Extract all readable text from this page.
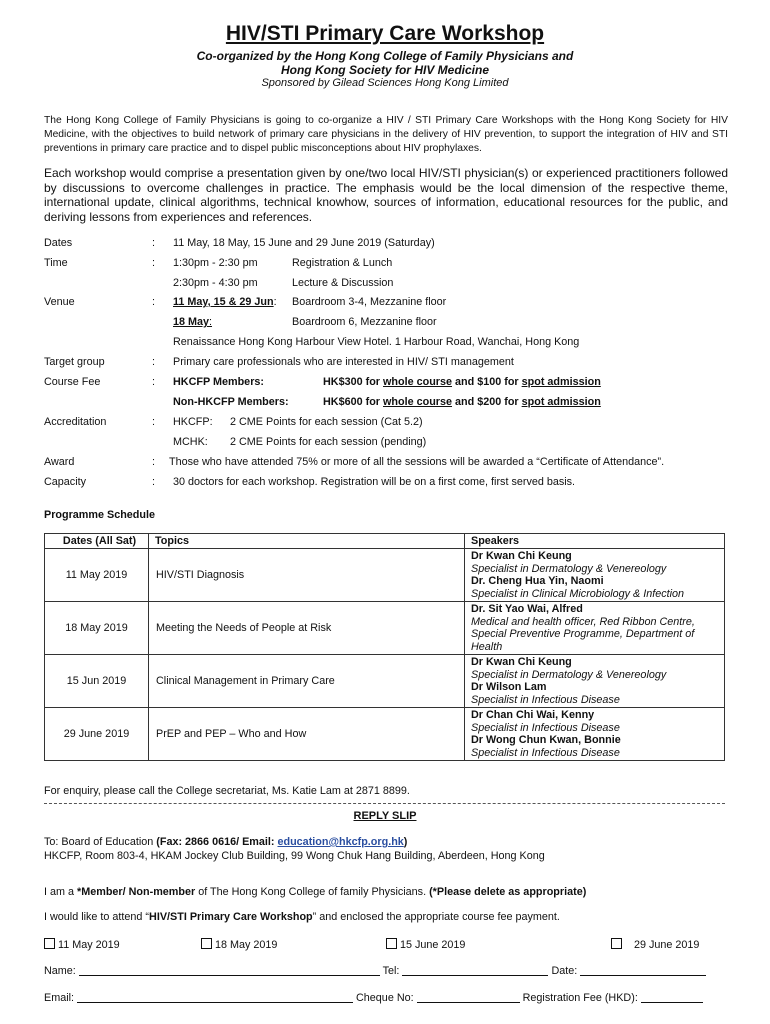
HIV/STI Primary Care Workshop
Co-organized by the Hong Kong College of Family Physicians and
Hong Kong Society for HIV Medicine
Sponsored by Gilead Sciences Hong Kong Limited
The Hong Kong College of Family Physicians is going to co-organize a HIV / STI Primary Care Workshops with the Hong Kong Society for HIV Medicine, with the objectives to build network of primary care physicians in the delivery of HIV prevention, to support the integration of HIV and STI preventions in primary care practice and to dispel public misconceptions about HIV prophylaxes.
Each workshop would comprise a presentation given by one/two local HIV/STI physician(s) or experienced practitioners followed by discussions to overcome challenges in practice. The emphasis would be the local dimension of the respective theme, international update, clinical algorithms, technical knowhow, sources of information, educational resources for the public, and deriving lessons from experiences and references.
Dates	: 11 May, 18 May, 15 June and 29 June 2019 (Saturday)
Time	: 1:30pm - 2:30 pm	Registration & Lunch
2:30pm - 4:30 pm	Lecture & Discussion
Venue	: 11 May, 15 & 29 Jun: Boardroom 3-4, Mezzanine floor
18 May:	Boardroom 6, Mezzanine floor
Renaissance Hong Kong Harbour View Hotel. 1 Harbour Road, Wanchai, Hong Kong
Target group	: Primary care professionals who are interested in HIV/ STI management
Course Fee	: HKCFP Members:	HK$300 for whole course and $100 for spot admission
Non-HKCFP Members:	HK$600 for whole course and $200 for spot admission
Accreditation	: HKCFP: 2 CME Points for each session (Cat 5.2)
MCHK: 2 CME Points for each session (pending)
Award	: Those who have attended 75% or more of all the sessions will be awarded a “Certificate of Attendance”.
Capacity	: 30 doctors for each workshop. Registration will be on a first come, first served basis.
Programme Schedule
Dates (All Sat)	Topics	Speakers
11 May 2019	HIV/STI Diagnosis	Dr Kwan Chi Keung
Specialist in Dermatology & Venereology
Dr. Cheng Hua Yin, Naomi
Specialist in Clinical Microbiology & Infection

18 May 2019	Meeting the Needs of People at Risk	Dr. Sit Yao Wai, Alfred
Medical and health officer, Red Ribbon Centre, Special Preventive Programme, Department of Health

15 Jun 2019	Clinical Management in Primary Care	Dr Kwan Chi Keung
Specialist in Dermatology & Venereology
Dr Wilson Lam
Specialist in Infectious Disease

29 June 2019	PrEP and PEP – Who and How	Dr Chan Chi Wai, Kenny
Specialist in Infectious Disease
Dr Wong Chun Kwan, Bonnie
Specialist in Infectious Disease
For enquiry, please call the College secretariat, Ms. Katie Lam at 2871 8899.
REPLY SLIP
To: Board of Education (Fax: 2866 0616/ Email: education@hkcfp.org.hk)
HKCFP, Room 803-4, HKAM Jockey Club Building, 99 Wong Chuk Hang Building, Aberdeen, Hong Kong
I am a *Member/ Non-member of The Hong Kong College of family Physicians. (*Please delete as appropriate)
I would like to attend “HIV/STI Primary Care Workshop” and enclosed the appropriate course fee payment.
11 May 2019	18 May 2019	15 June 2019	29 June 2019
Name:	Tel:	Date:
Email:	Cheque No:	Registration Fee (HKD):
